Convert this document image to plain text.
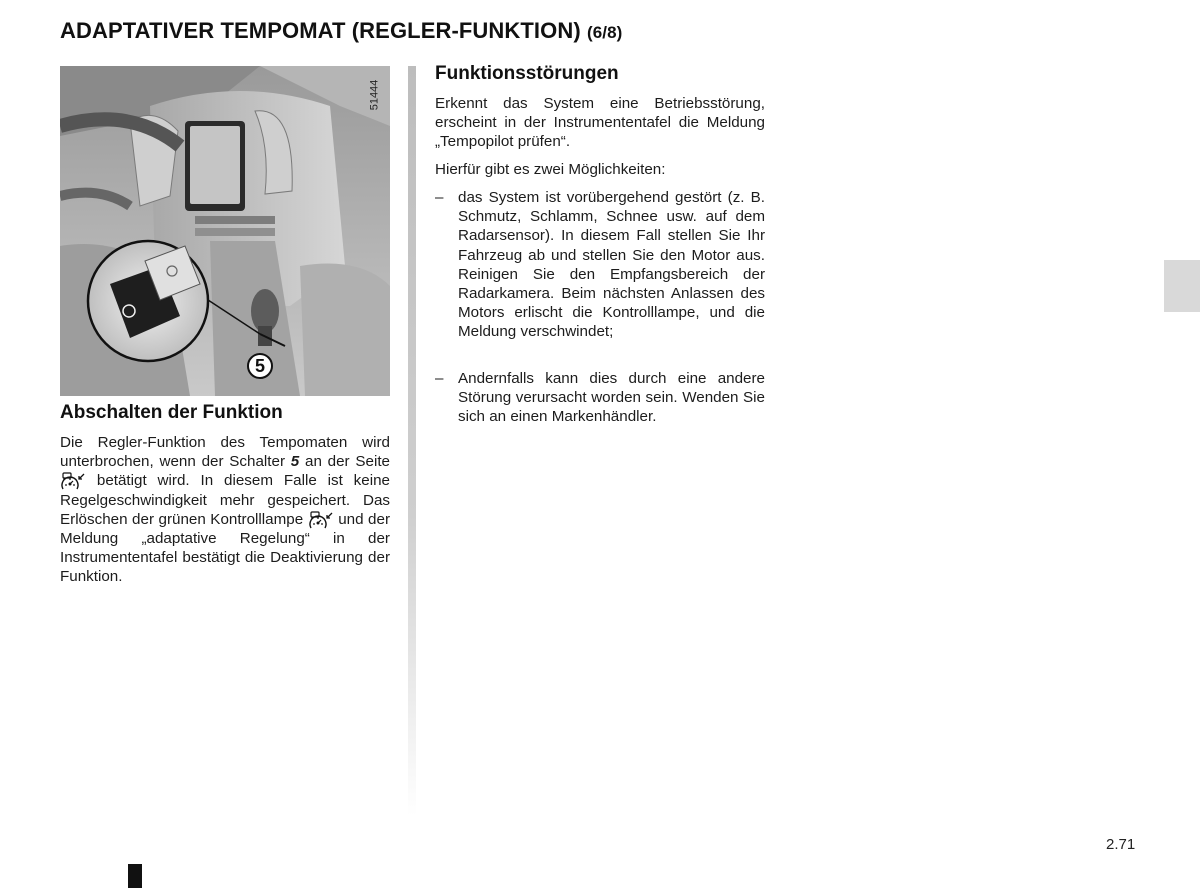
ADAPTATIVER TEMPOMAT (REGLER-FUNKTION) (6/8)
51444
5
Abschalten der Funktion

Die Regler-Funktion des Tempomaten wird unterbrochen, wenn der Schalter 5 an der Seite  betätigt wird. In diesem Falle ist keine Regelgeschwindigkeit mehr gespeichert. Das Erlöschen der grünen Kontrolllampe  und der Meldung „adaptative Regelung“ in der Instrumententafel bestätigt die Deaktivierung der Funktion.

Funktionsstörungen

Erkennt das System eine Betriebsstörung, erscheint in der Instrumententafel die Meldung „Tempopilot prüfen“.

Hierfür gibt es zwei Möglichkeiten:

– das System ist vorübergehend gestört (z. B. Schmutz, Schlamm, Schnee usw. auf dem Radarsensor). In diesem Fall stellen Sie Ihr Fahrzeug ab und stellen Sie den Motor aus. Reinigen Sie den Empfangsbereich der Radarkamera. Beim nächsten Anlassen des Motors erlischt die Kontrolllampe, und die Meldung verschwindet;
– Andernfalls kann dies durch eine andere Störung verursacht worden sein. Wenden Sie sich an einen Markenhändler.
2.71
